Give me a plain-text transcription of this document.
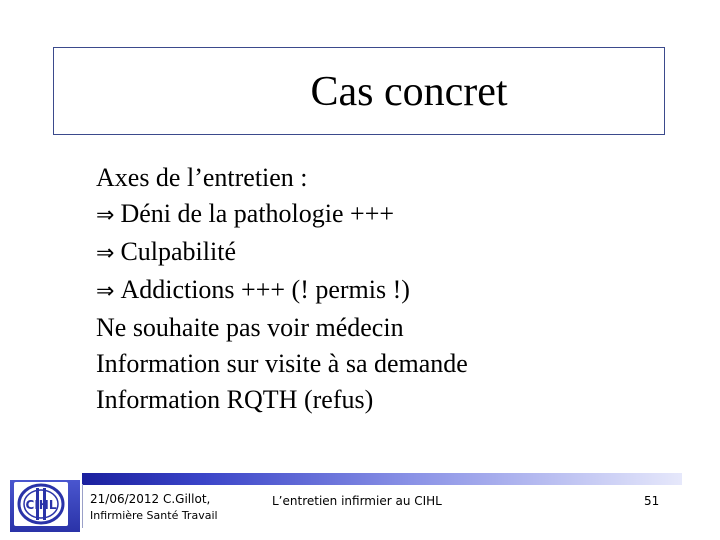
Cas concret
Axes de l’entretien :
⇒ Déni de la pathologie +++
⇒ Culpabilité
⇒ Addictions +++ (! permis !)
Ne souhaite pas voir médecin
Information sur visite à sa demande
Information RQTH (refus)
CIHL	21/06/2012 C.Gillot,
Infirmière Santé Travail
L’entretien infirmier au CIHL	51
